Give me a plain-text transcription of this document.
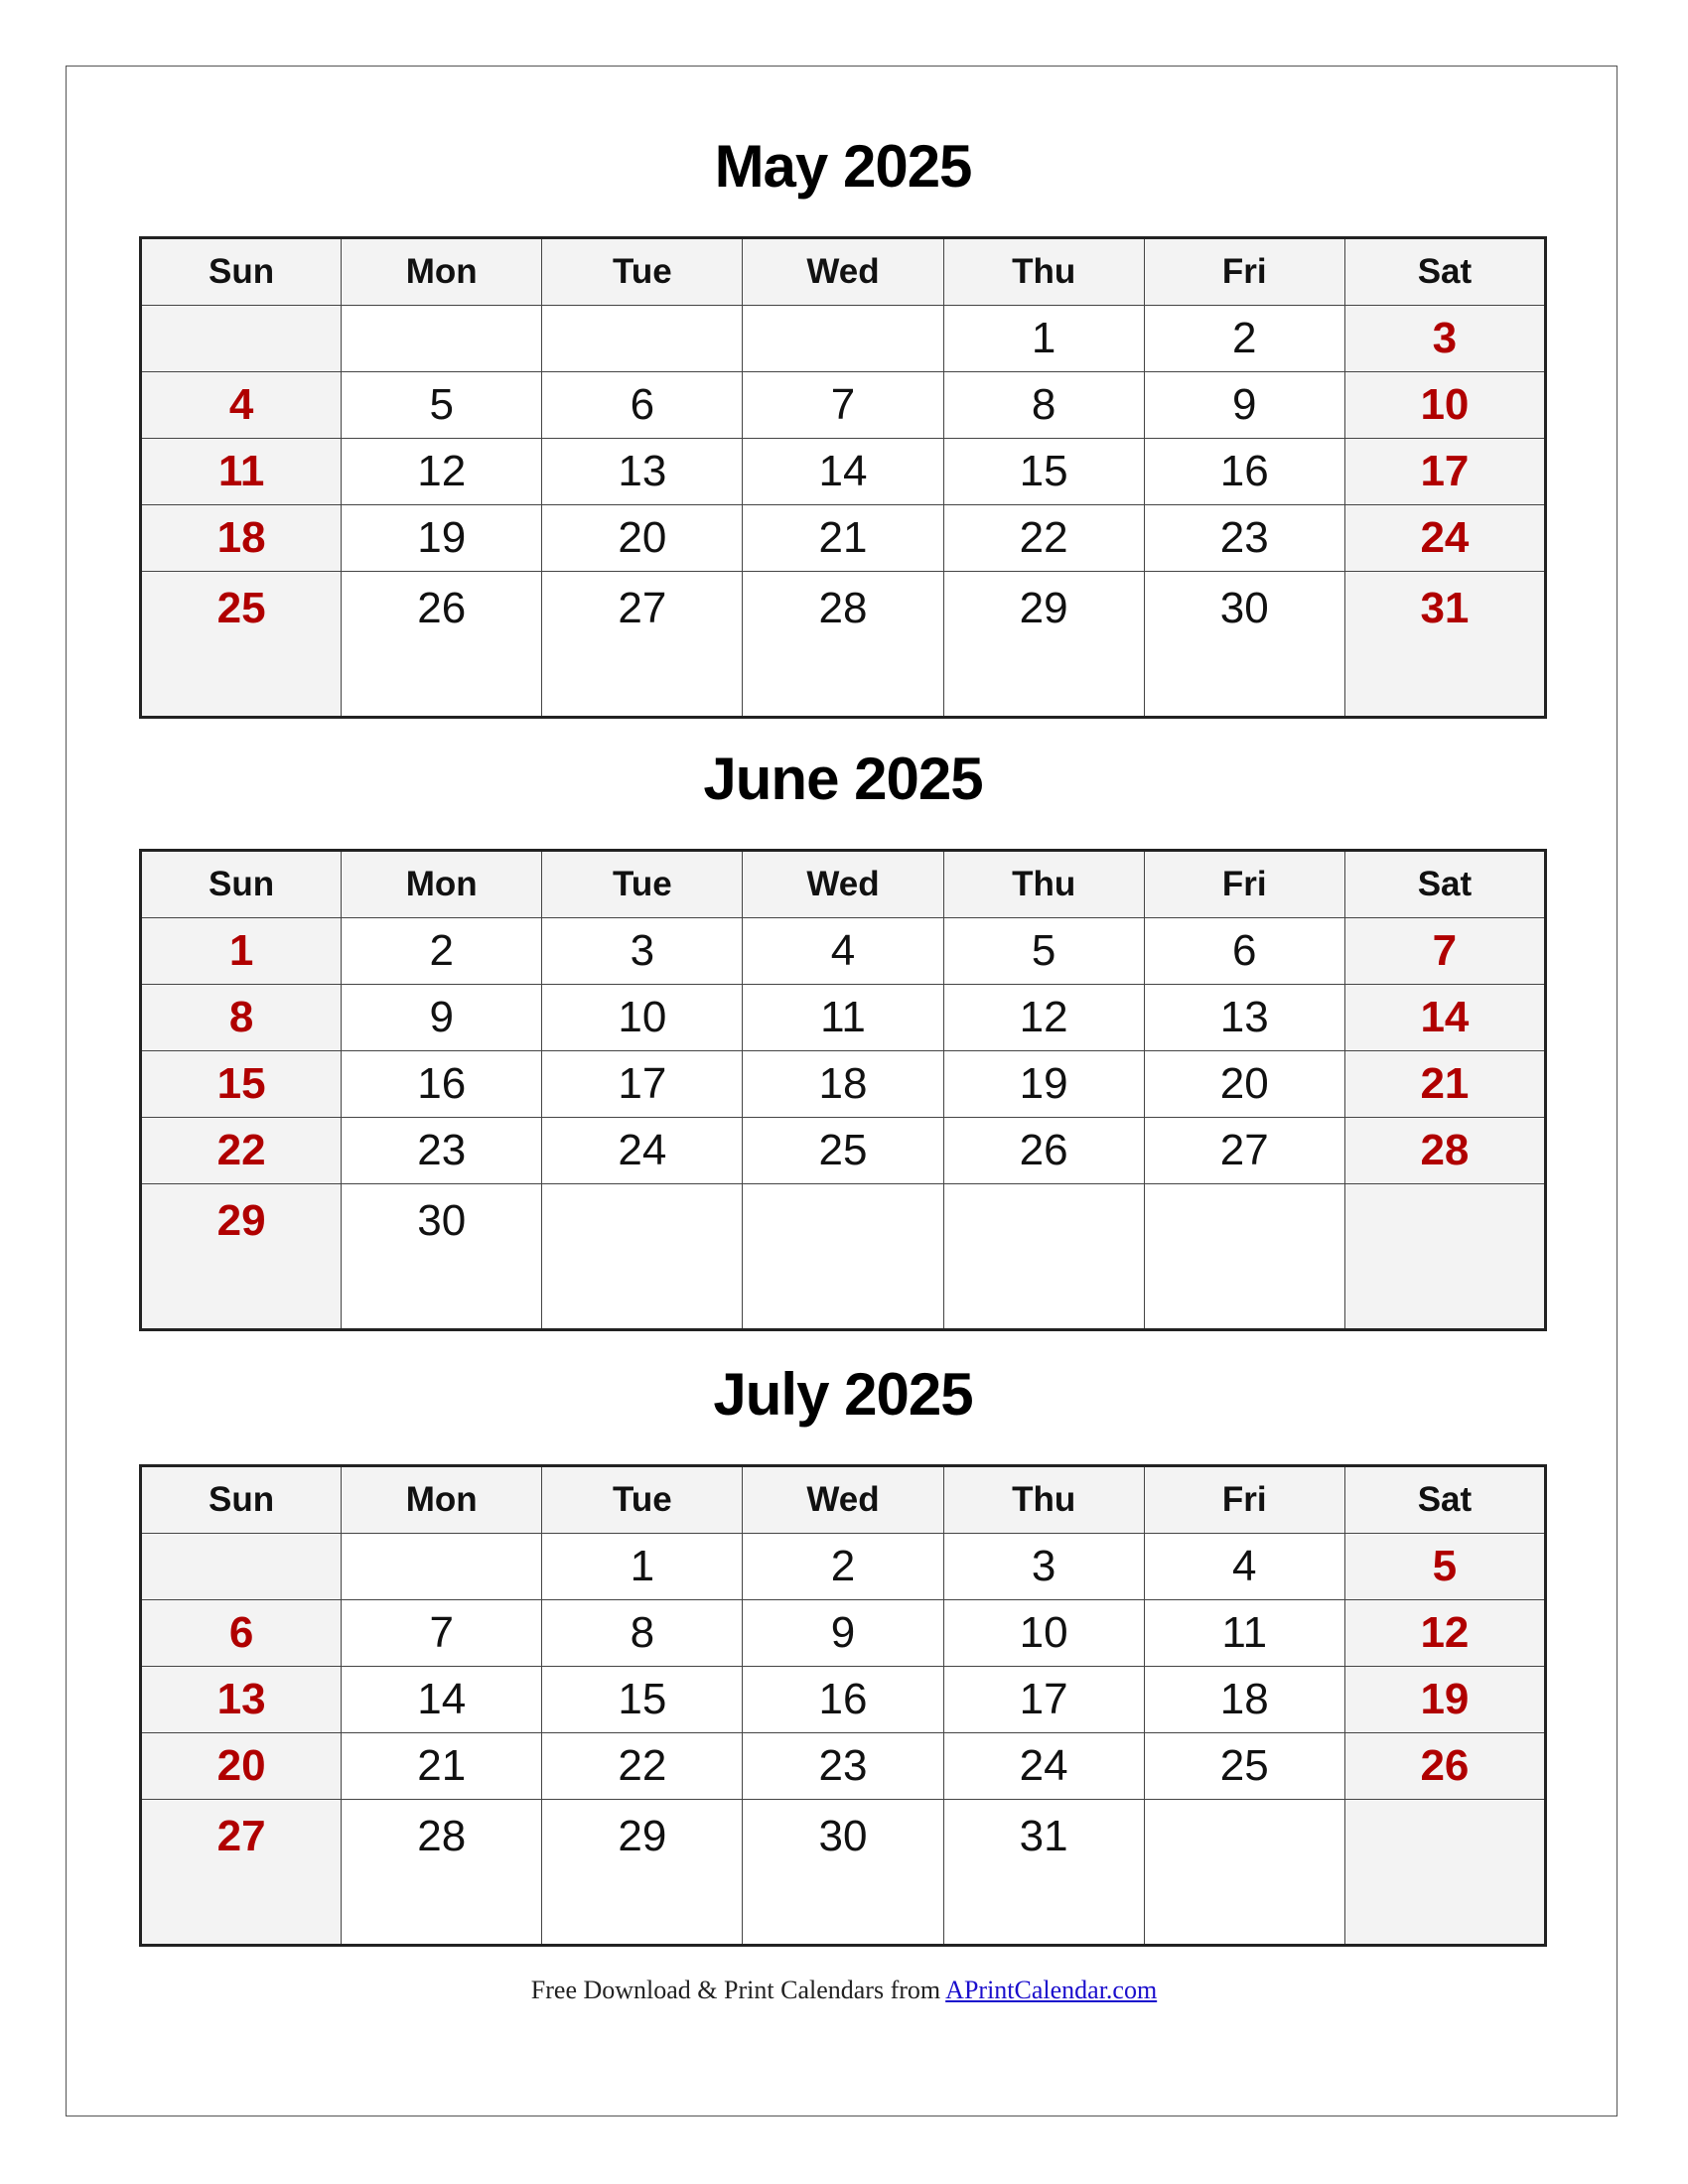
May 2025
Sun	Mon	Tue	Wed	Thu	Fri	Sat
				1	2	3
4	5	6	7	8	9	10
11	12	13	14	15	16	17
18	19	20	21	22	23	24
25	26	27	28	29	30	31
June 2025
Sun	Mon	Tue	Wed	Thu	Fri	Sat
1	2	3	4	5	6	7
8	9	10	11	12	13	14
15	16	17	18	19	20	21
22	23	24	25	26	27	28
29	30					
July 2025
Sun	Mon	Tue	Wed	Thu	Fri	Sat
		1	2	3	4	5
6	7	8	9	10	11	12
13	14	15	16	17	18	19
20	21	22	23	24	25	26
27	28	29	30	31		
Free Download & Print Calendars from APrintCalendar.com
